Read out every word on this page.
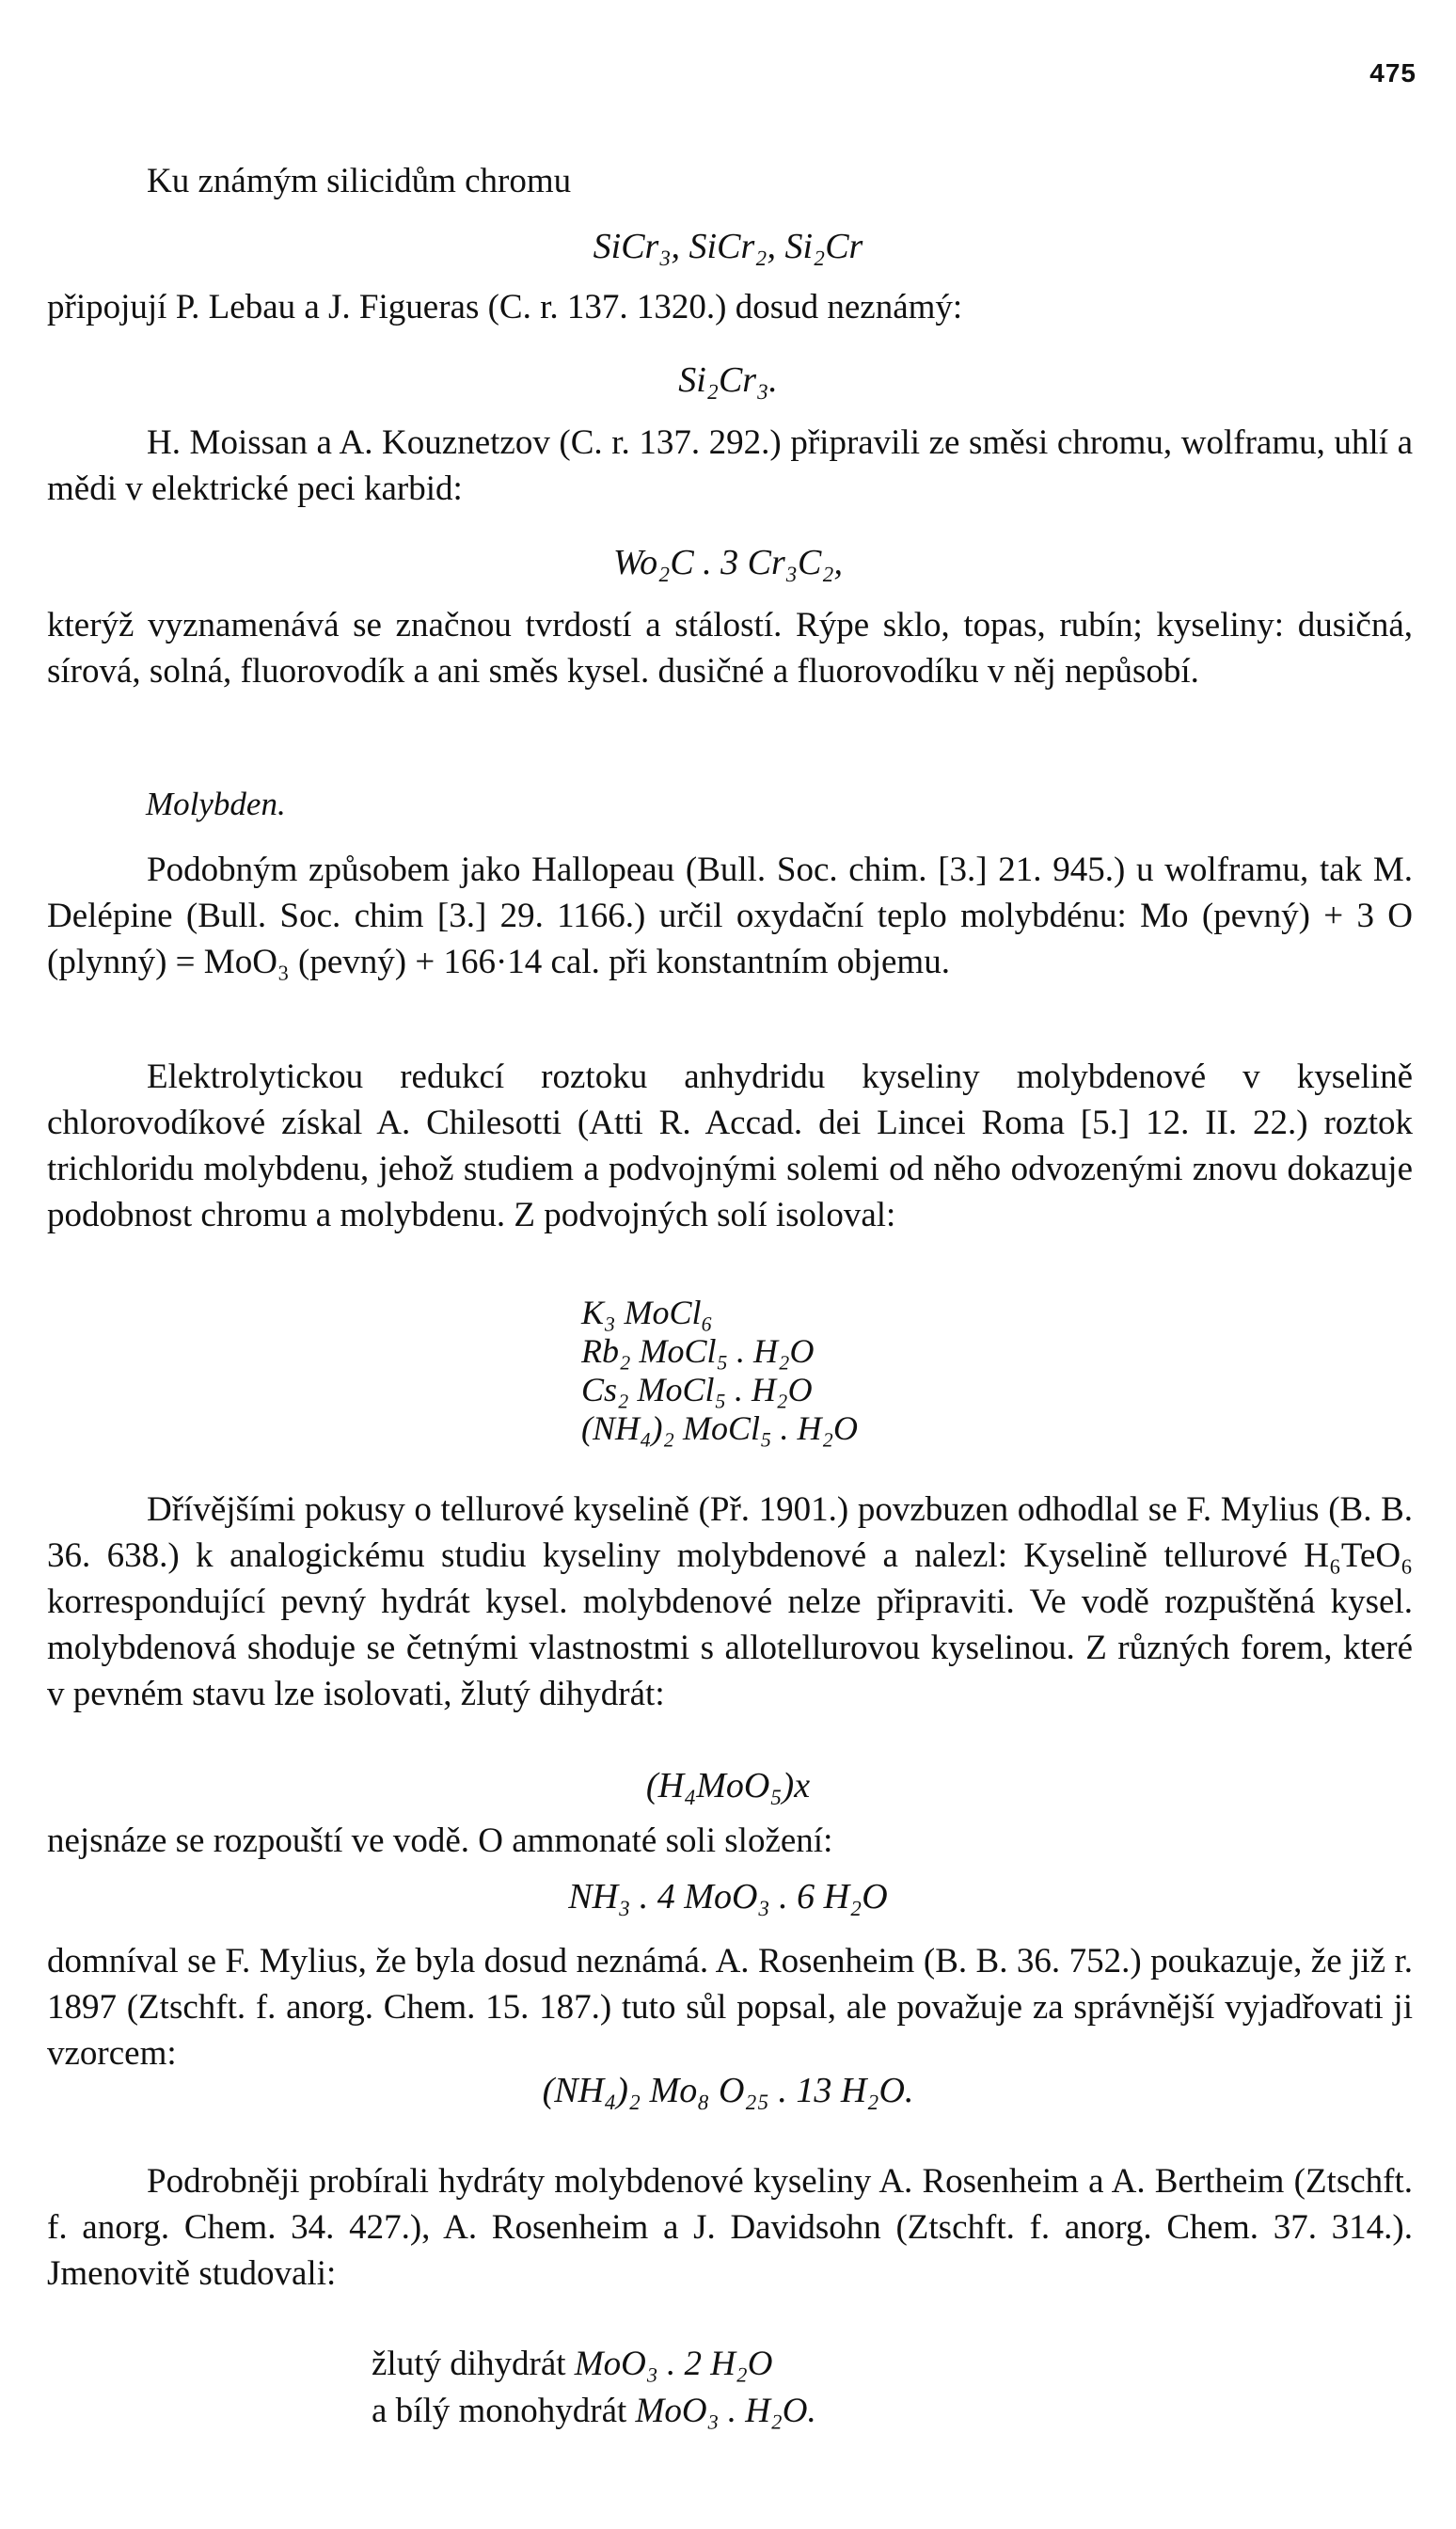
475

Ku známým silicidům chromu

SiCr₃, SiCr₂, Si₂Cr

připojují P. Lebau a J. Figueras (C. r. 137. 1320.) dosud neznámý:

Si₂Cr₃.

H. Moissan a A. Kouznetzov (C. r. 137. 292.) připravili ze směsi chromu, wolframu, uhlí a mědi v elektrické peci karbid:

Wo₂C . 3 Cr₃C₂,

kterýž vyznamenává se značnou tvrdostí a stálostí. Rýpe sklo, topas, rubín; kyseliny: dusičná, sírová, solná, fluorovodík a ani směs kysel. dusičné a fluorovodíku v něj nepůsobí.

Molybden.

Podobným způsobem jako Hallopeau (Bull. Soc. chim. [3.] 21. 945.) u wolframu, tak M. Delépine (Bull. Soc. chim [3.] 29. 1166.) určil oxydační teplo molybdénu: Mo (pevný) + 3 O (plynný) = MoO₃ (pevný) + 166·14 cal. při konstantním objemu.

Elektrolytickou redukcí roztoku anhydridu kyseliny molybdenové v kyselině chlorovodíkové získal A. Chilesotti (Atti R. Accad. dei Lincei Roma [5.] 12. II. 22.) roztok trichloridu molybdenu, jehož studiem a podvojnými solemi od něho odvozenými znovu dokazuje podobnost chromu a molybdenu. Z podvojných solí isoloval:

K₃ MoCl₆
Rb₂ MoCl₅ . H₂O
Cs₂ MoCl₅ . H₂O
(NH₄)₂ MoCl₅ . H₂O

Dřívějšími pokusy o tellurové kyselině (Př. 1901.) povzbuzen odhodlal se F. Mylius (B. B. 36. 638.) k analogickému studiu kyseliny molybdenové a nalezl: Kyselině tellurové H₆TeO₆ korrespondující pevný hydrát kysel. molybdenové nelze připraviti. Ve vodě rozpuštěná kysel. molybdenová shoduje se četnými vlastnostmi s allotellurovou kyselinou. Z různých forem, které v pevném stavu lze isolovati, žlutý dihydrát:

(H₄MoO₅)x

nejsnáze se rozpouští ve vodě. O ammonaté soli složení:

NH₃ . 4 MoO₃ . 6 H₂O

domníval se F. Mylius, že byla dosud neznámá. A. Rosenheim (B. B. 36. 752.) poukazuje, že již r. 1897 (Ztschft. f. anorg. Chem. 15. 187.) tuto sůl popsal, ale považuje za správnější vyjadřovati ji vzorcem:

(NH₄)₂ Mo₈ O₂₅ . 13 H₂O.

Podrobněji probírali hydráty molybdenové kyseliny A. Rosenheim a A. Bertheim (Ztschft. f. anorg. Chem. 34. 427.), A. Rosenheim a J. Davidsohn (Ztschft. f. anorg. Chem. 37. 314.). Jmenovitě studovali:

žlutý dihydrát MoO₃ . 2 H₂O
a bílý monohydrát MoO₃ . H₂O.
